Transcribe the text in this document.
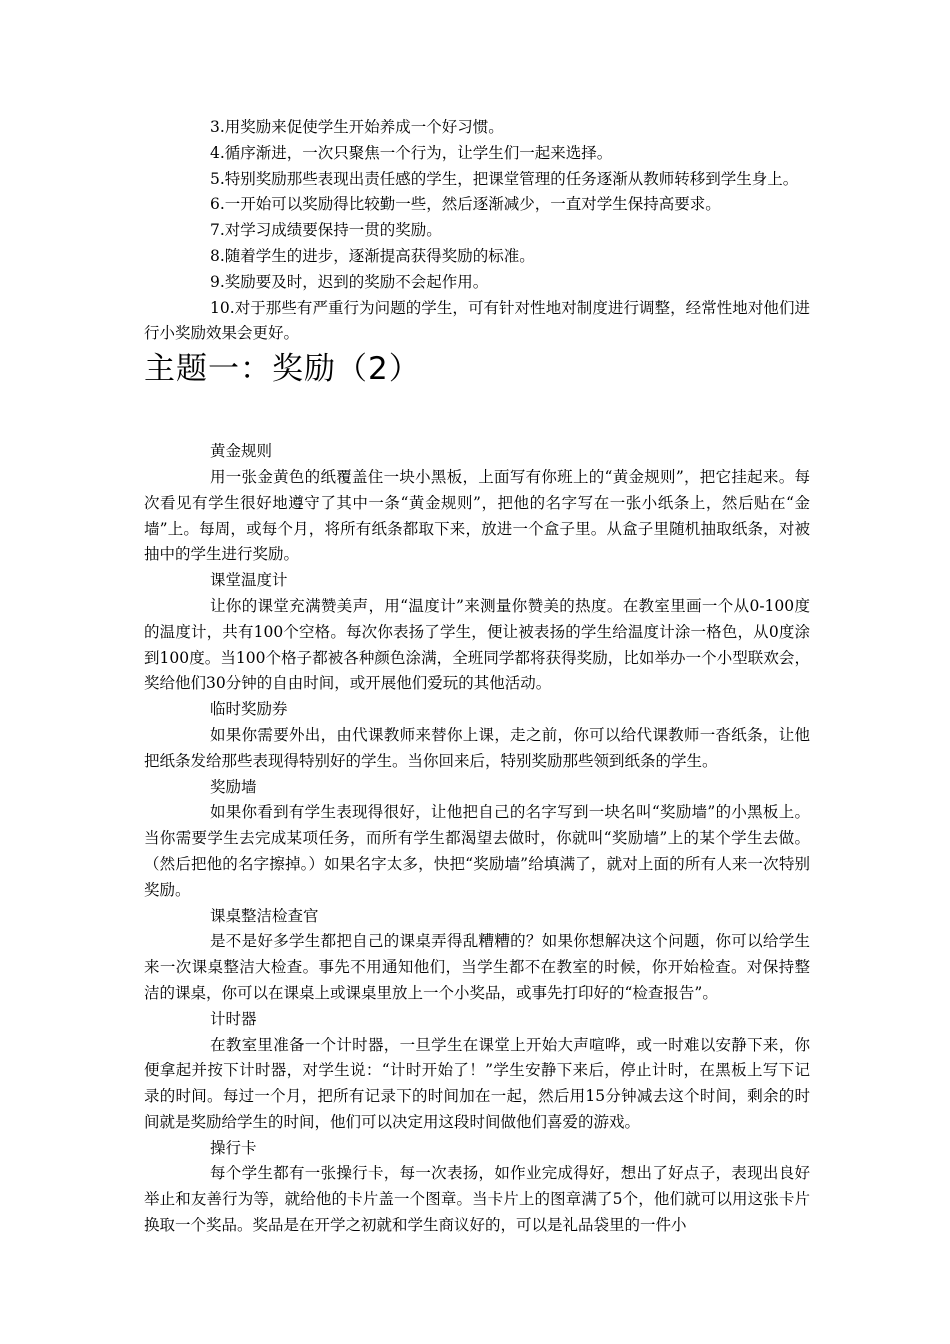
3.用奖励来促使学生开始养成一个好习惯。

4.循序渐进，一次只聚焦一个行为，让学生们一起来选择。

5.特别奖励那些表现出责任感的学生，把课堂管理的任务逐渐从教师转移到学生身上。

6.一开始可以奖励得比较勤一些，然后逐渐减少，一直对学生保持高要求。

7.对学习成绩要保持一贯的奖励。

8.随着学生的进步，逐渐提高获得奖励的标准。

9.奖励要及时，迟到的奖励不会起作用。

10.对于那些有严重行为问题的学生，可有针对性地对制度进行调整，经常性地对他们进行小奖励效果会更好。

主题一：奖励（2）

黄金规则

用一张金黄色的纸覆盖住一块小黑板，上面写有你班上的“黄金规则”，把它挂起来。每次看见有学生很好地遵守了其中一条“黄金规则”，把他的名字写在一张小纸条上，然后贴在“金墙”上。每周，或每个月，将所有纸条都取下来，放进一个盒子里。从盒子里随机抽取纸条，对被抽中的学生进行奖励。

课堂温度计

让你的课堂充满赞美声，用“温度计”来测量你赞美的热度。在教室里画一个从0-100度的温度计，共有100个空格。每次你表扬了学生，便让被表扬的学生给温度计涂一格色，从0度涂到100度。当100个格子都被各种颜色涂满，全班同学都将获得奖励，比如举办一个小型联欢会，奖给他们30分钟的自由时间，或开展他们爱玩的其他活动。

临时奖励券

如果你需要外出，由代课教师来替你上课，走之前，你可以给代课教师一沓纸条，让他把纸条发给那些表现得特别好的学生。当你回来后，特别奖励那些领到纸条的学生。

奖励墙

如果你看到有学生表现得很好，让他把自己的名字写到一块名叫“奖励墙”的小黑板上。当你需要学生去完成某项任务，而所有学生都渴望去做时，你就叫“奖励墙”上的某个学生去做。（然后把他的名字擦掉。）如果名字太多，快把“奖励墙”给填满了，就对上面的所有人来一次特别奖励。

课桌整洁检查官

是不是好多学生都把自己的课桌弄得乱糟糟的？如果你想解决这个问题，你可以给学生来一次课桌整洁大检查。事先不用通知他们，当学生都不在教室的时候，你开始检查。对保持整洁的课桌，你可以在课桌上或课桌里放上一个小奖品，或事先打印好的“检查报告”。

计时器

在教室里准备一个计时器，一旦学生在课堂上开始大声喧哗，或一时难以安静下来，你便拿起并按下计时器，对学生说：“计时开始了！”学生安静下来后，停止计时，在黑板上写下记录的时间。每过一个月，把所有记录下的时间加在一起，然后用15分钟减去这个时间，剩余的时间就是奖励给学生的时间，他们可以决定用这段时间做他们喜爱的游戏。

操行卡

每个学生都有一张操行卡，每一次表扬，如作业完成得好，想出了好点子，表现出良好举止和友善行为等，就给他的卡片盖一个图章。当卡片上的图章满了5个，他们就可以用这张卡片换取一个奖品。奖品是在开学之初就和学生商议好的，可以是礼品袋里的一件小
